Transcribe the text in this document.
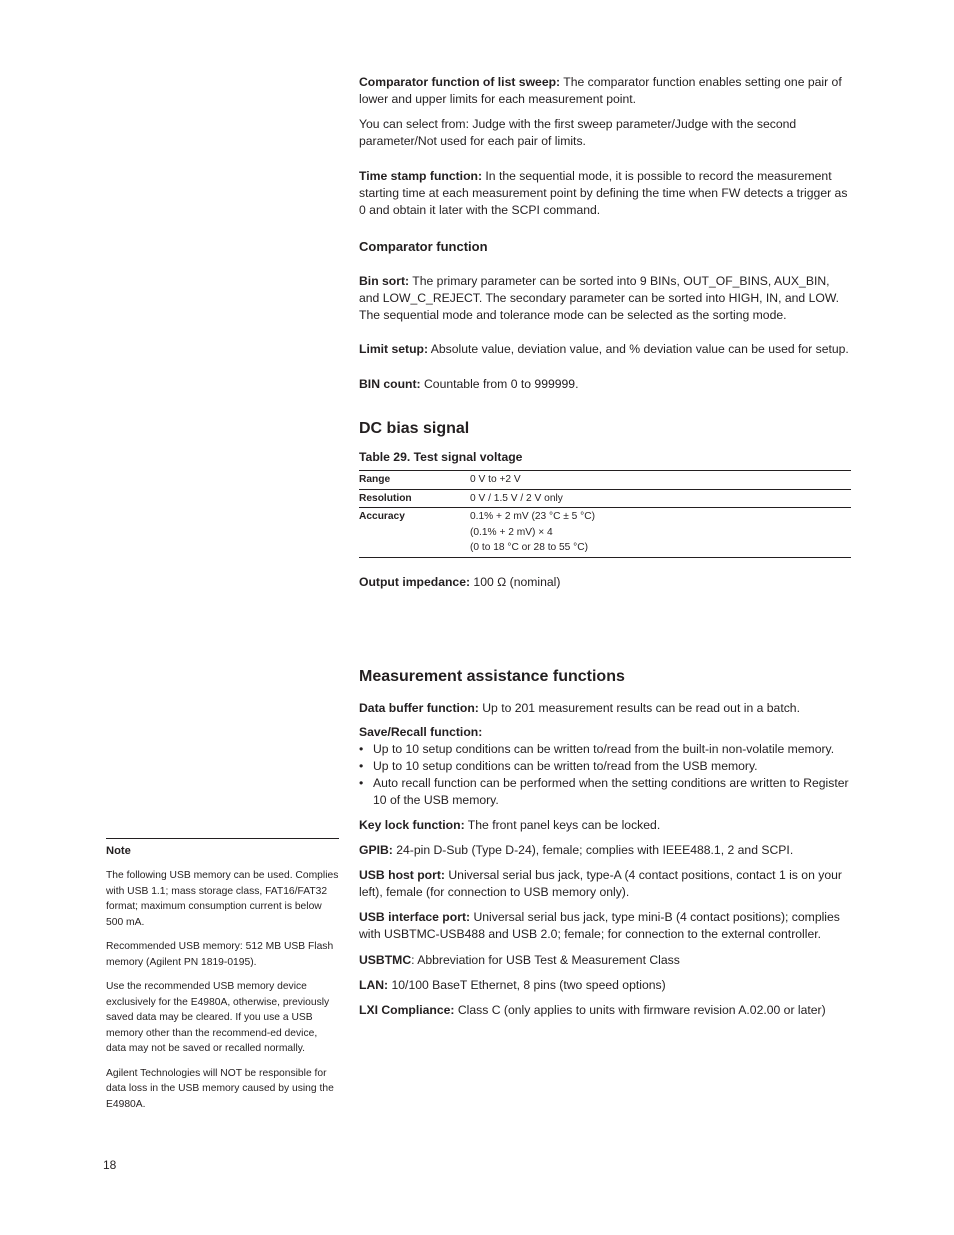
Comparator function of list sweep: The comparator function enables setting one pair of lower and upper limits for each measurement point.

You can select from: Judge with the first sweep parameter/Judge with the second parameter/Not used for each pair of limits.

Time stamp function: In the sequential mode, it is possible to record the measurement starting time at each measurement point by defining the time when FW detects a trigger as 0 and obtain it later with the SCPI command.

Comparator function

Bin sort: The primary parameter can be sorted into 9 BINs, OUT_OF_BINS, AUX_BIN, and LOW_C_REJECT. The secondary parameter can be sorted into HIGH, IN, and LOW. The sequential mode and tolerance mode can be selected as the sorting mode.

Limit setup: Absolute value, deviation value, and % deviation value can be used for setup.

BIN count: Countable from 0 to 999999.

DC bias signal

Table 29. Test signal voltage

Range	0 V to +2 V
Resolution	0 V / 1.5 V / 2 V only
Accuracy	0.1% + 2 mV (23 °C ± 5 °C)
(0.1% + 2 mV) × 4
(0 to 18 °C or 28 to 55 °C)

Output impedance: 100 Ω (nominal)

Measurement assistance functions

Data buffer function: Up to 201 measurement results can be read out in a batch.

Save/Recall function:

• Up to 10 setup conditions can be written to/read from the built-in non-volatile memory.
• Up to 10 setup conditions can be written to/read from the USB memory.
• Auto recall function can be performed when the setting conditions are written to Register 10 of the USB memory.

Key lock function: The front panel keys can be locked.

GPIB: 24-pin D-Sub (Type D-24), female; complies with IEEE488.1, 2 and SCPI.

USB host port: Universal serial bus jack, type-A (4 contact positions, contact 1 is on your left), female (for connection to USB memory only).

USB interface port: Universal serial bus jack, type mini-B (4 contact positions); complies with USBTMC-USB488 and USB 2.0; female; for connection to the external controller.

USBTMC: Abbreviation for USB Test & Measurement Class

LAN: 10/100 BaseT Ethernet, 8 pins (two speed options)

LXI Compliance: Class C (only applies to units with firmware revision A.02.00 or later)

Note

The following USB memory can be used. Complies with USB 1.1; mass storage class, FAT16/FAT32 format; maximum consumption current is below 500 mA.

Recommended USB memory: 512 MB USB Flash memory (Agilent PN 1819-0195).

Use the recommended USB memory device exclusively for the E4980A, otherwise, previously saved data may be cleared. If you use a USB memory other than the recommend-ed device, data may not be saved or recalled normally.

Agilent Technologies will NOT be responsible for data loss in the USB memory caused by using the E4980A.

18
